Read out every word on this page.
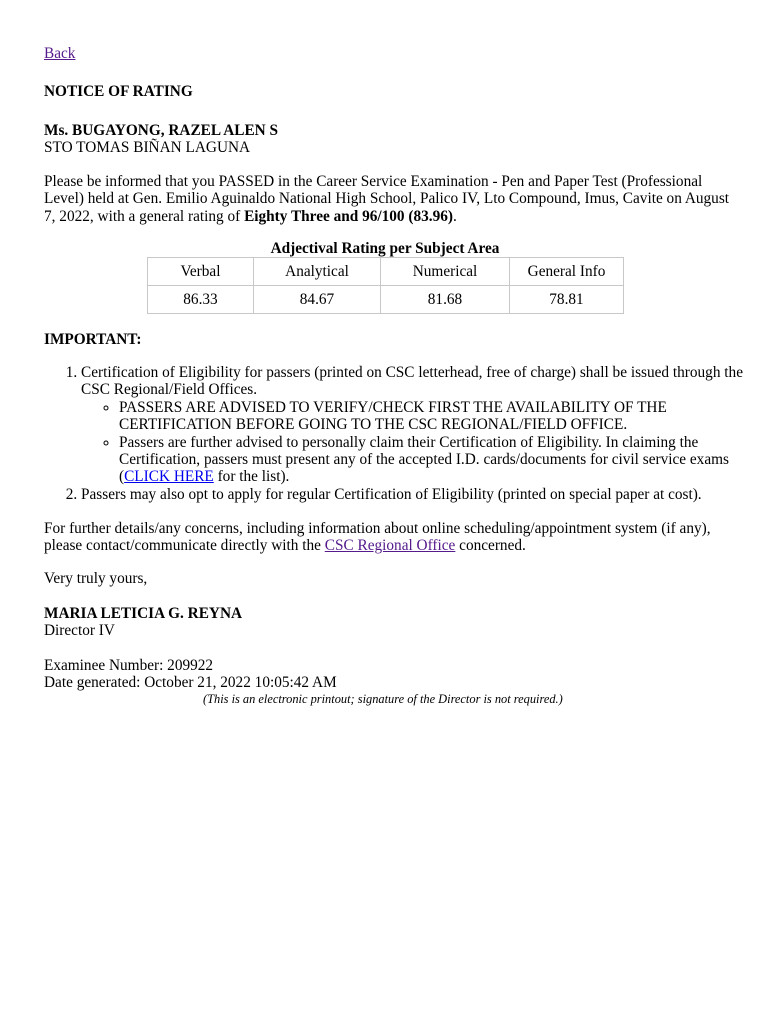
Back
NOTICE OF RATING
Ms. BUGAYONG, RAZEL ALEN S
STO TOMAS BIÑAN LAGUNA
Please be informed that you PASSED in the Career Service Examination - Pen and Paper Test (Professional Level) held at Gen. Emilio Aguinaldo National High School, Palico IV, Lto Compound, Imus, Cavite on August 7, 2022, with a general rating of Eighty Three and 96/100 (83.96).
Adjectival Rating per Subject Area
Verbal	Analytical	Numerical	General Info
86.33	84.67	81.68	78.81
IMPORTANT:
1. Certification of Eligibility for passers (printed on CSC letterhead, free of charge) shall be issued through the CSC Regional/Field Offices.
◦ PASSERS ARE ADVISED TO VERIFY/CHECK FIRST THE AVAILABILITY OF THE CERTIFICATION BEFORE GOING TO THE CSC REGIONAL/FIELD OFFICE.
◦ Passers are further advised to personally claim their Certification of Eligibility. In claiming the Certification, passers must present any of the accepted I.D. cards/documents for civil service exams (CLICK HERE for the list).
2. Passers may also opt to apply for regular Certification of Eligibility (printed on special paper at cost).
For further details/any concerns, including information about online scheduling/appointment system (if any), please contact/communicate directly with the CSC Regional Office concerned.
Very truly yours,
MARIA LETICIA G. REYNA
Director IV
Examinee Number: 209922
Date generated: October 21, 2022 10:05:42 AM
(This is an electronic printout; signature of the Director is not required.)
